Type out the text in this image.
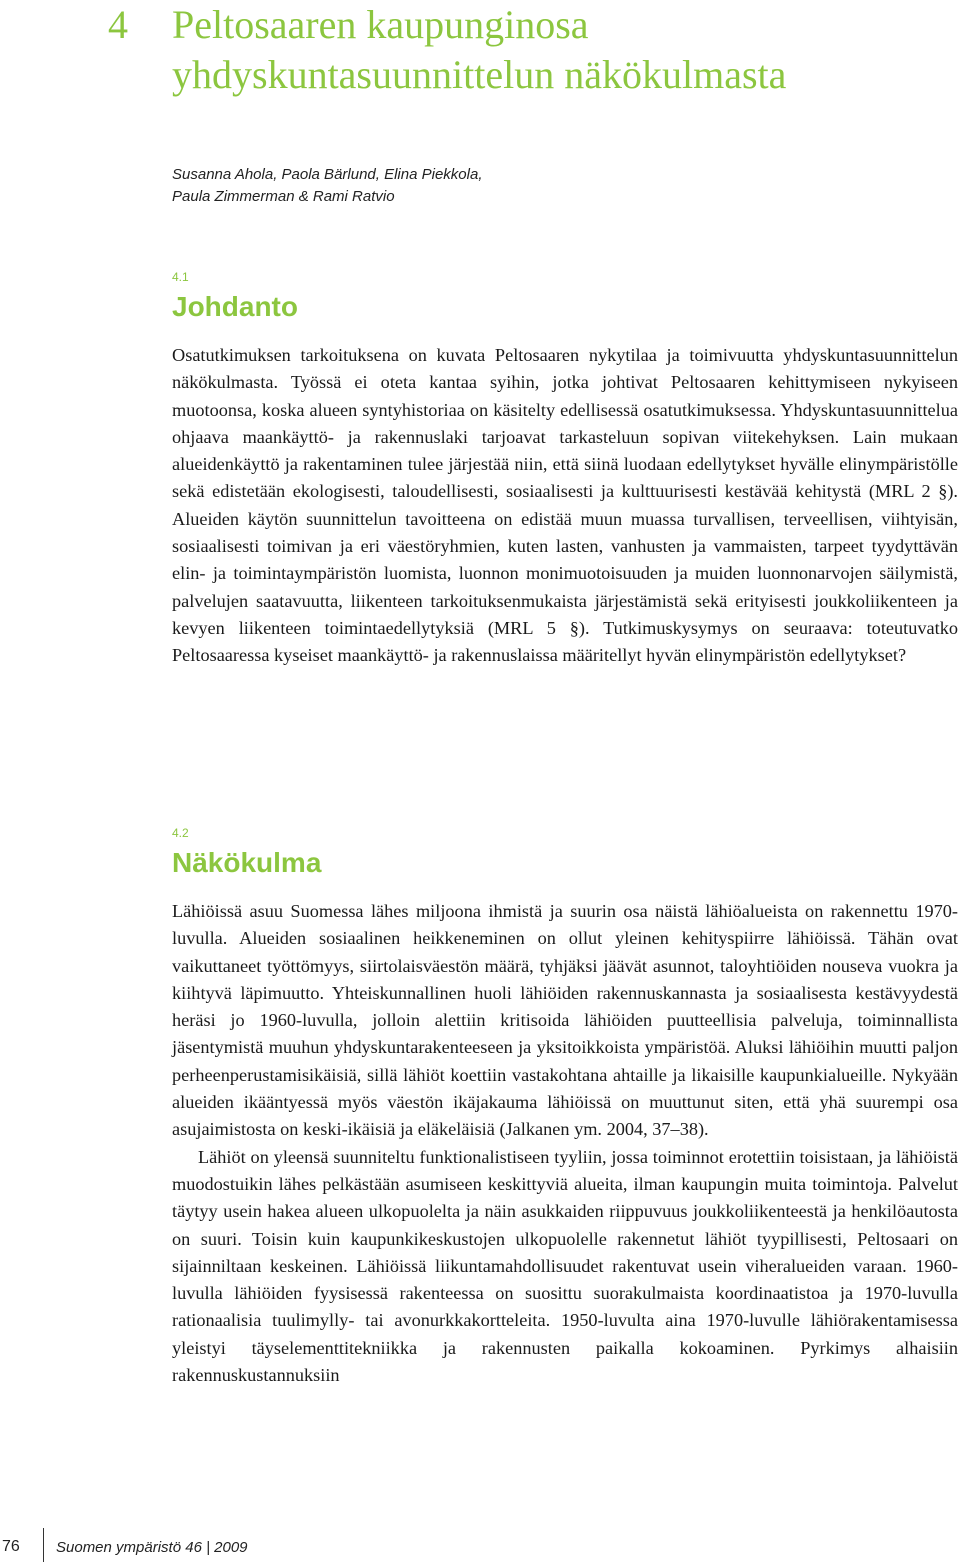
4 Peltosaaren kaupunginosa
yhdyskuntasuunnittelun näkökulmasta
Susanna Ahola, Paola Bärlund, Elina Piekkola,
Paula Zimmerman & Rami Ratvio
4.1
Johdanto

Osatutkimuksen tarkoituksena on kuvata Peltosaaren nykytilaa ja toimivuutta yhdyskuntasuunnittelun näkökulmasta. Työssä ei oteta kantaa syihin, jotka johtivat Peltosaaren kehittymiseen nykyiseen muotoonsa, koska alueen syntyhistoriaa on käsitelty edellisessä osatutkimuksessa. Yhdyskuntasuunnittelua ohjaava maankäyttö- ja rakennuslaki tarjoavat tarkasteluun sopivan viitekehyksen. Lain mukaan alueidenkäyttö ja rakentaminen tulee järjestää niin, että siinä luodaan edellytykset hyvälle elinympäristölle sekä edistetään ekologisesti, taloudellisesti, sosiaalisesti ja kulttuurisesti kestävää kehitystä (MRL 2 §). Alueiden käytön suunnittelun tavoitteena on edistää muun muassa turvallisen, terveellisen, viihtyisän, sosiaalisesti toimivan ja eri väestöryhmien, kuten lasten, vanhusten ja vammaisten, tarpeet tyydyttävän elin- ja toimintaympäristön luomista, luonnon monimuotoisuuden ja muiden luonnonarvojen säilymistä, palvelujen saatavuutta, liikenteen tarkoituksenmukaista järjestämistä sekä erityisesti joukkoliikenteen ja kevyen liikenteen toimintaedellytyksiä (MRL 5 §). Tutkimuskysymys on seuraava: toteutuvatko Peltosaaressa kyseiset maankäyttö- ja rakennuslaissa määritellyt hyvän elinympäristön edellytykset?

4.2
Näkökulma

Lähiöissä asuu Suomessa lähes miljoona ihmistä ja suurin osa näistä lähiöalueista on rakennettu 1970-luvulla. Alueiden sosiaalinen heikkeneminen on ollut yleinen kehityspiirre lähiöissä. Tähän ovat vaikuttaneet työttömyys, siirtolaisväestön määrä, tyhjäksi jäävät asunnot, taloyhtiöiden nouseva vuokra ja kiihtyvä läpimuutto. Yhteiskunnallinen huoli lähiöiden rakennuskannasta ja sosiaalisesta kestävyydestä heräsi jo 1960-luvulla, jolloin alettiin kritisoida lähiöiden puutteellisia palveluja, toiminnallista jäsentymistä muuhun yhdyskuntarakenteeseen ja yksitoikkoista ympäristöä. Aluksi lähiöihin muutti paljon perheenperustamisikäisiä, sillä lähiöt koettiin vastakohtana ahtaille ja likaisille kaupunkialueille. Nykyään alueiden ikääntyessä myös väestön ikäjakauma lähiöissä on muuttunut siten, että yhä suurempi osa asujaimistosta on keski-ikäisiä ja eläkeläisiä (Jalkanen ym. 2004, 37–38).

Lähiöt on yleensä suunniteltu funktionalistiseen tyyliin, jossa toiminnot erotettiin toisistaan, ja lähiöistä muodostuikin lähes pelkästään asumiseen keskittyviä alueita, ilman kaupungin muita toimintoja. Palvelut täytyy usein hakea alueen ulkopuolelta ja näin asukkaiden riippuvuus joukkoliikenteestä ja henkilöautosta on suuri. Toisin kuin kaupunkikeskustojen ulkopuolelle rakennetut lähiöt tyypillisesti, Peltosaari on sijainniltaan keskeinen. Lähiöissä liikuntamahdollisuudet rakentuvat usein viheralueiden varaan. 1960-luvulla lähiöiden fyysisessä rakenteessa on suosittu suorakulmaista koordinaatistoa ja 1970-luvulla rationaalisia tuulimylly- tai avonurkkakortteleita. 1950-luvulta aina 1970-luvulle lähiörakentamisessa yleistyi täyselementtitekniikka ja rakennusten paikalla kokoaminen. Pyrkimys alhaisiin rakennuskustannuksiin

76 Suomen ympäristö 46 | 2009
